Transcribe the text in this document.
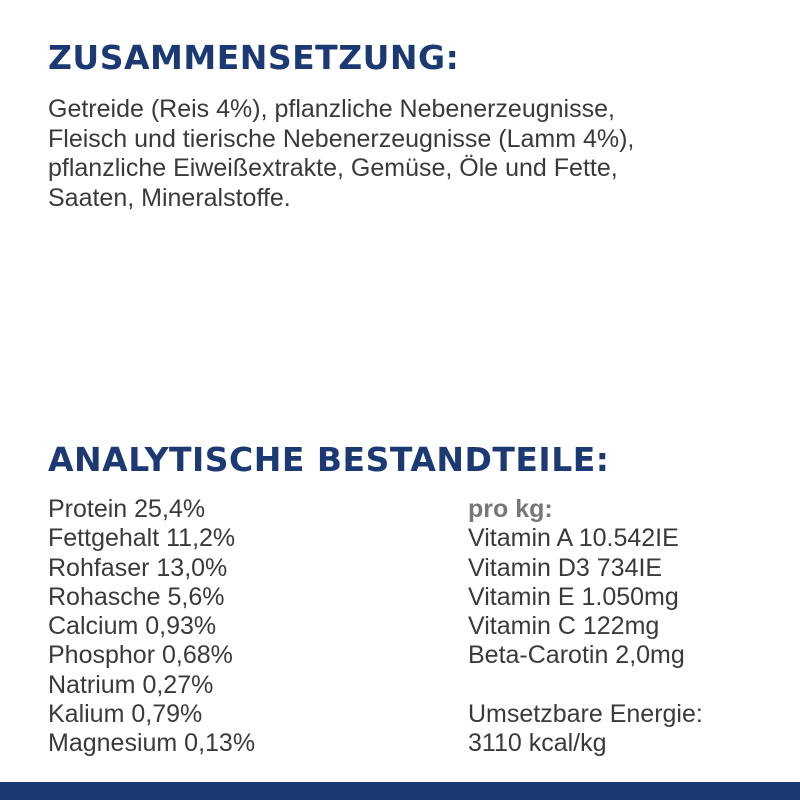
ZUSAMMENSETZUNG:

Getreide (Reis 4%), pflanzliche Nebenerzeugnisse,
Fleisch und tierische Nebenerzeugnisse (Lamm 4%),
pflanzliche Eiweißextrakte, Gemüse, Öle und Fette,
Saaten, Mineralstoffe.

ANALYTISCHE BESTANDTEILE:
Protein 25,4%
Fettgehalt 11,2%
Rohfaser 13,0%
Rohasche 5,6%
Calcium 0,93%
Phosphor 0,68%
Natrium 0,27%
Kalium 0,79%
Magnesium 0,13%
pro kg:
Vitamin A 10.542IE
Vitamin D3 734IE
Vitamin E 1.050mg
Vitamin C 122mg
Beta-Carotin 2,0mg
Umsetzbare Energie:
3110 kcal/kg
